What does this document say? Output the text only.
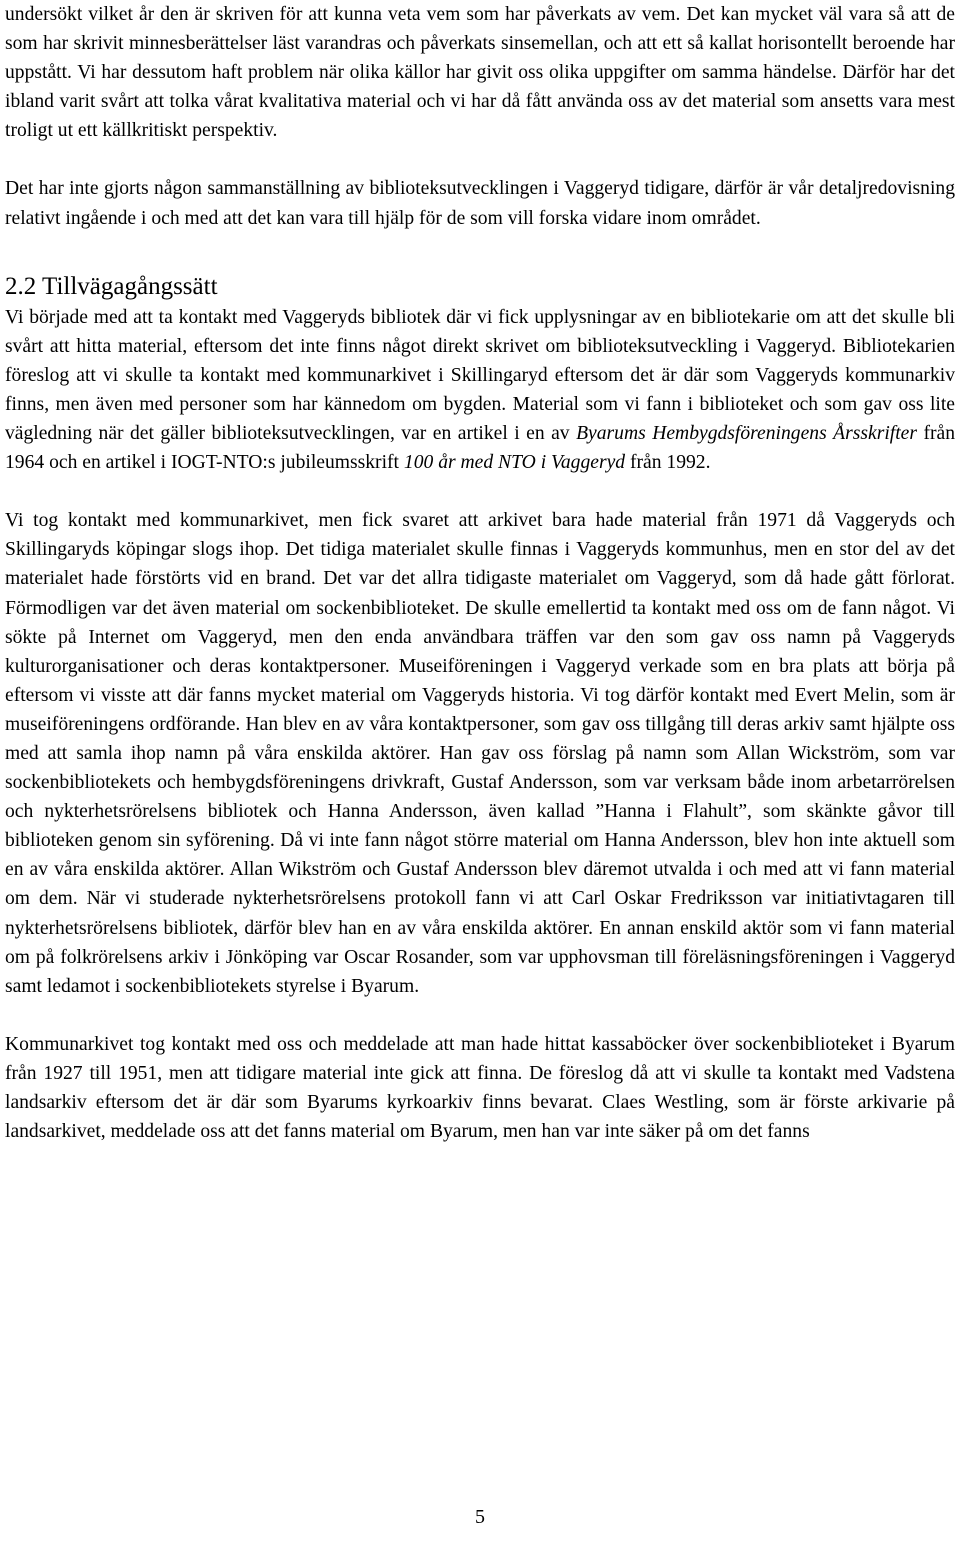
undersökt vilket år den är skriven för att kunna veta vem som har påverkats av vem. Det kan mycket väl vara så att de som har skrivit minnesberättelser läst varandras och påverkats sinsemellan, och att ett så kallat horisontellt beroende har uppstått. Vi har dessutom haft problem när olika källor har givit oss olika uppgifter om samma händelse. Därför har det ibland varit svårt att tolka vårat kvalitativa material och vi har då fått använda oss av det material som ansetts vara mest troligt ut ett källkritiskt perspektiv.

Det har inte gjorts någon sammanställning av biblioteksutvecklingen i Vaggeryd tidigare, därför är vår detaljredovisning relativt ingående i och med att det kan vara till hjälp för de som vill forska vidare inom området.

2.2 Tillvägagångssätt

Vi började med att ta kontakt med Vaggeryds bibliotek där vi fick upplysningar av en bibliotekarie om att det skulle bli svårt att hitta material, eftersom det inte finns något direkt skrivet om biblioteksutveckling i Vaggeryd. Bibliotekarien föreslog att vi skulle ta kontakt med kommunarkivet i Skillingaryd eftersom det är där som Vaggeryds kommunarkiv finns, men även med personer som har kännedom om bygden. Material som vi fann i biblioteket och som gav oss lite vägledning när det gäller biblioteksutvecklingen, var en artikel i en av Byarums Hembygdsföreningens Årsskrifter från 1964 och en artikel i IOGT-NTO:s jubileumsskrift 100 år med NTO i Vaggeryd från 1992.

Vi tog kontakt med kommunarkivet, men fick svaret att arkivet bara hade material från 1971 då Vaggeryds och Skillingaryds köpingar slogs ihop. Det tidiga materialet skulle finnas i Vaggeryds kommunhus, men en stor del av det materialet hade förstörts vid en brand. Det var det allra tidigaste materialet om Vaggeryd, som då hade gått förlorat. Förmodligen var det även material om sockenbiblioteket. De skulle emellertid ta kontakt med oss om de fann något. Vi sökte på Internet om Vaggeryd, men den enda användbara träffen var den som gav oss namn på Vaggeryds kulturorganisationer och deras kontaktpersoner. Museiföreningen i Vaggeryd verkade som en bra plats att börja på eftersom vi visste att där fanns mycket material om Vaggeryds historia. Vi tog därför kontakt med Evert Melin, som är museiföreningens ordförande. Han blev en av våra kontaktpersoner, som gav oss tillgång till deras arkiv samt hjälpte oss med att samla ihop namn på våra enskilda aktörer. Han gav oss förslag på namn som Allan Wickström, som var sockenbibliotekets och hembygdsföreningens drivkraft, Gustaf Andersson, som var verksam både inom arbetarrörelsen och nykterhetsrörelsens bibliotek och Hanna Andersson, även kallad ”Hanna i Flahult”, som skänkte gåvor till biblioteken genom sin syförening. Då vi inte fann något större material om Hanna Andersson, blev hon inte aktuell som en av våra enskilda aktörer. Allan Wikström och Gustaf Andersson blev däremot utvalda i och med att vi fann material om dem. När vi studerade nykterhetsrörelsens protokoll fann vi att Carl Oskar Fredriksson var initiativtagaren till nykterhetsrörelsens bibliotek, därför blev han en av våra enskilda aktörer. En annan enskild aktör som vi fann material om på folkrörelsens arkiv i Jönköping var Oscar Rosander, som var upphovsman till föreläsningsföreningen i Vaggeryd samt ledamot i sockenbibliotekets styrelse i Byarum.

Kommunarkivet tog kontakt med oss och meddelade att man hade hittat kassaböcker över sockenbiblioteket i Byarum från 1927 till 1951, men att tidigare material inte gick att finna. De föreslog då att vi skulle ta kontakt med Vadstena landsarkiv eftersom det är där som Byarums kyrkoarkiv finns bevarat. Claes Westling, som är förste arkivarie på landsarkivet, meddelade oss att det fanns material om Byarum, men han var inte säker på om det fanns

5
